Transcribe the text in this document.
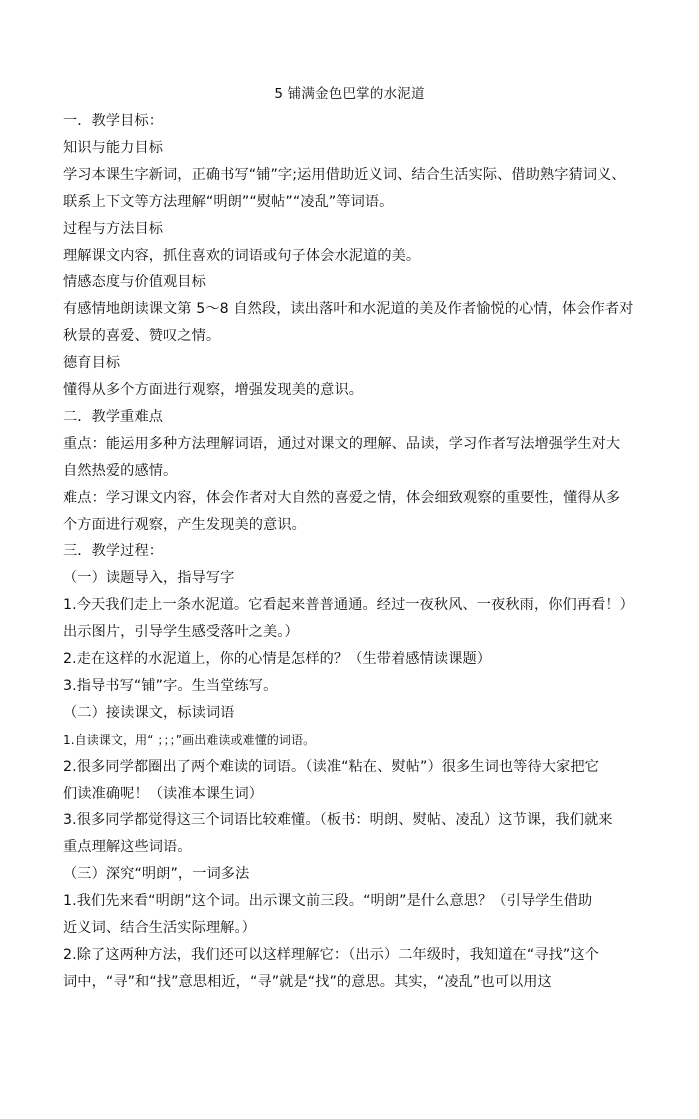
5 铺满金色巴掌的水泥道
一．教学目标：
知识与能力目标
学习本课生字新词，正确书写“铺”字;运用借助近义词、结合生活实际、借助熟字猜词义、
联系上下文等方法理解“明朗”“熨帖”“凌乱”等词语。
过程与方法目标
理解课文内容，抓住喜欢的词语或句子体会水泥道的美。
情感态度与价值观目标
有感情地朗读课文第 5～8 自然段，读出落叶和水泥道的美及作者愉悦的心情，体会作者对
秋景的喜爱、赞叹之情。
德育目标
懂得从多个方面进行观察，增强发现美的意识。
二．教学重难点
重点：能运用多种方法理解词语，通过对课文的理解、品读，学习作者写法增强学生对大
自然热爱的感情。
难点：学习课文内容，体会作者对大自然的喜爱之情，体会细致观察的重要性，懂得从多
个方面进行观察，产生发现美的意识。
三．教学过程：
（一）读题导入，指导写字
1.今天我们走上一条水泥道。它看起来普普通通。经过一夜秋风、一夜秋雨，你们再看！）
出示图片，引导学生感受落叶之美。）
2.走在这样的水泥道上，你的心情是怎样的？（生带着感情读课题）
3.指导书写“铺”字。生当堂练写。
（二）接读课文，标读词语
1.自读课文，用“ ；；；”画出难读或难懂的词语。
2.很多同学都圈出了两个难读的词语。（读准“粘在、熨帖”）很多生词也等待大家把它
们读准确呢！（读准本课生词）
3.很多同学都觉得这三个词语比较难懂。（板书：明朗、熨帖、凌乱）这节课，我们就来
重点理解这些词语。
（三）深究“明朗”，一词多法
1.我们先来看“明朗”这个词。出示课文前三段。“明朗”是什么意思？（引导学生借助
近义词、结合生活实际理解。）
2.除了这两种方法，我们还可以这样理解它：（出示）二年级时，我知道在“寻找”这个
词中，“寻”和“找”意思相近，“寻”就是“找”的意思。其实，“凌乱”也可以用这
